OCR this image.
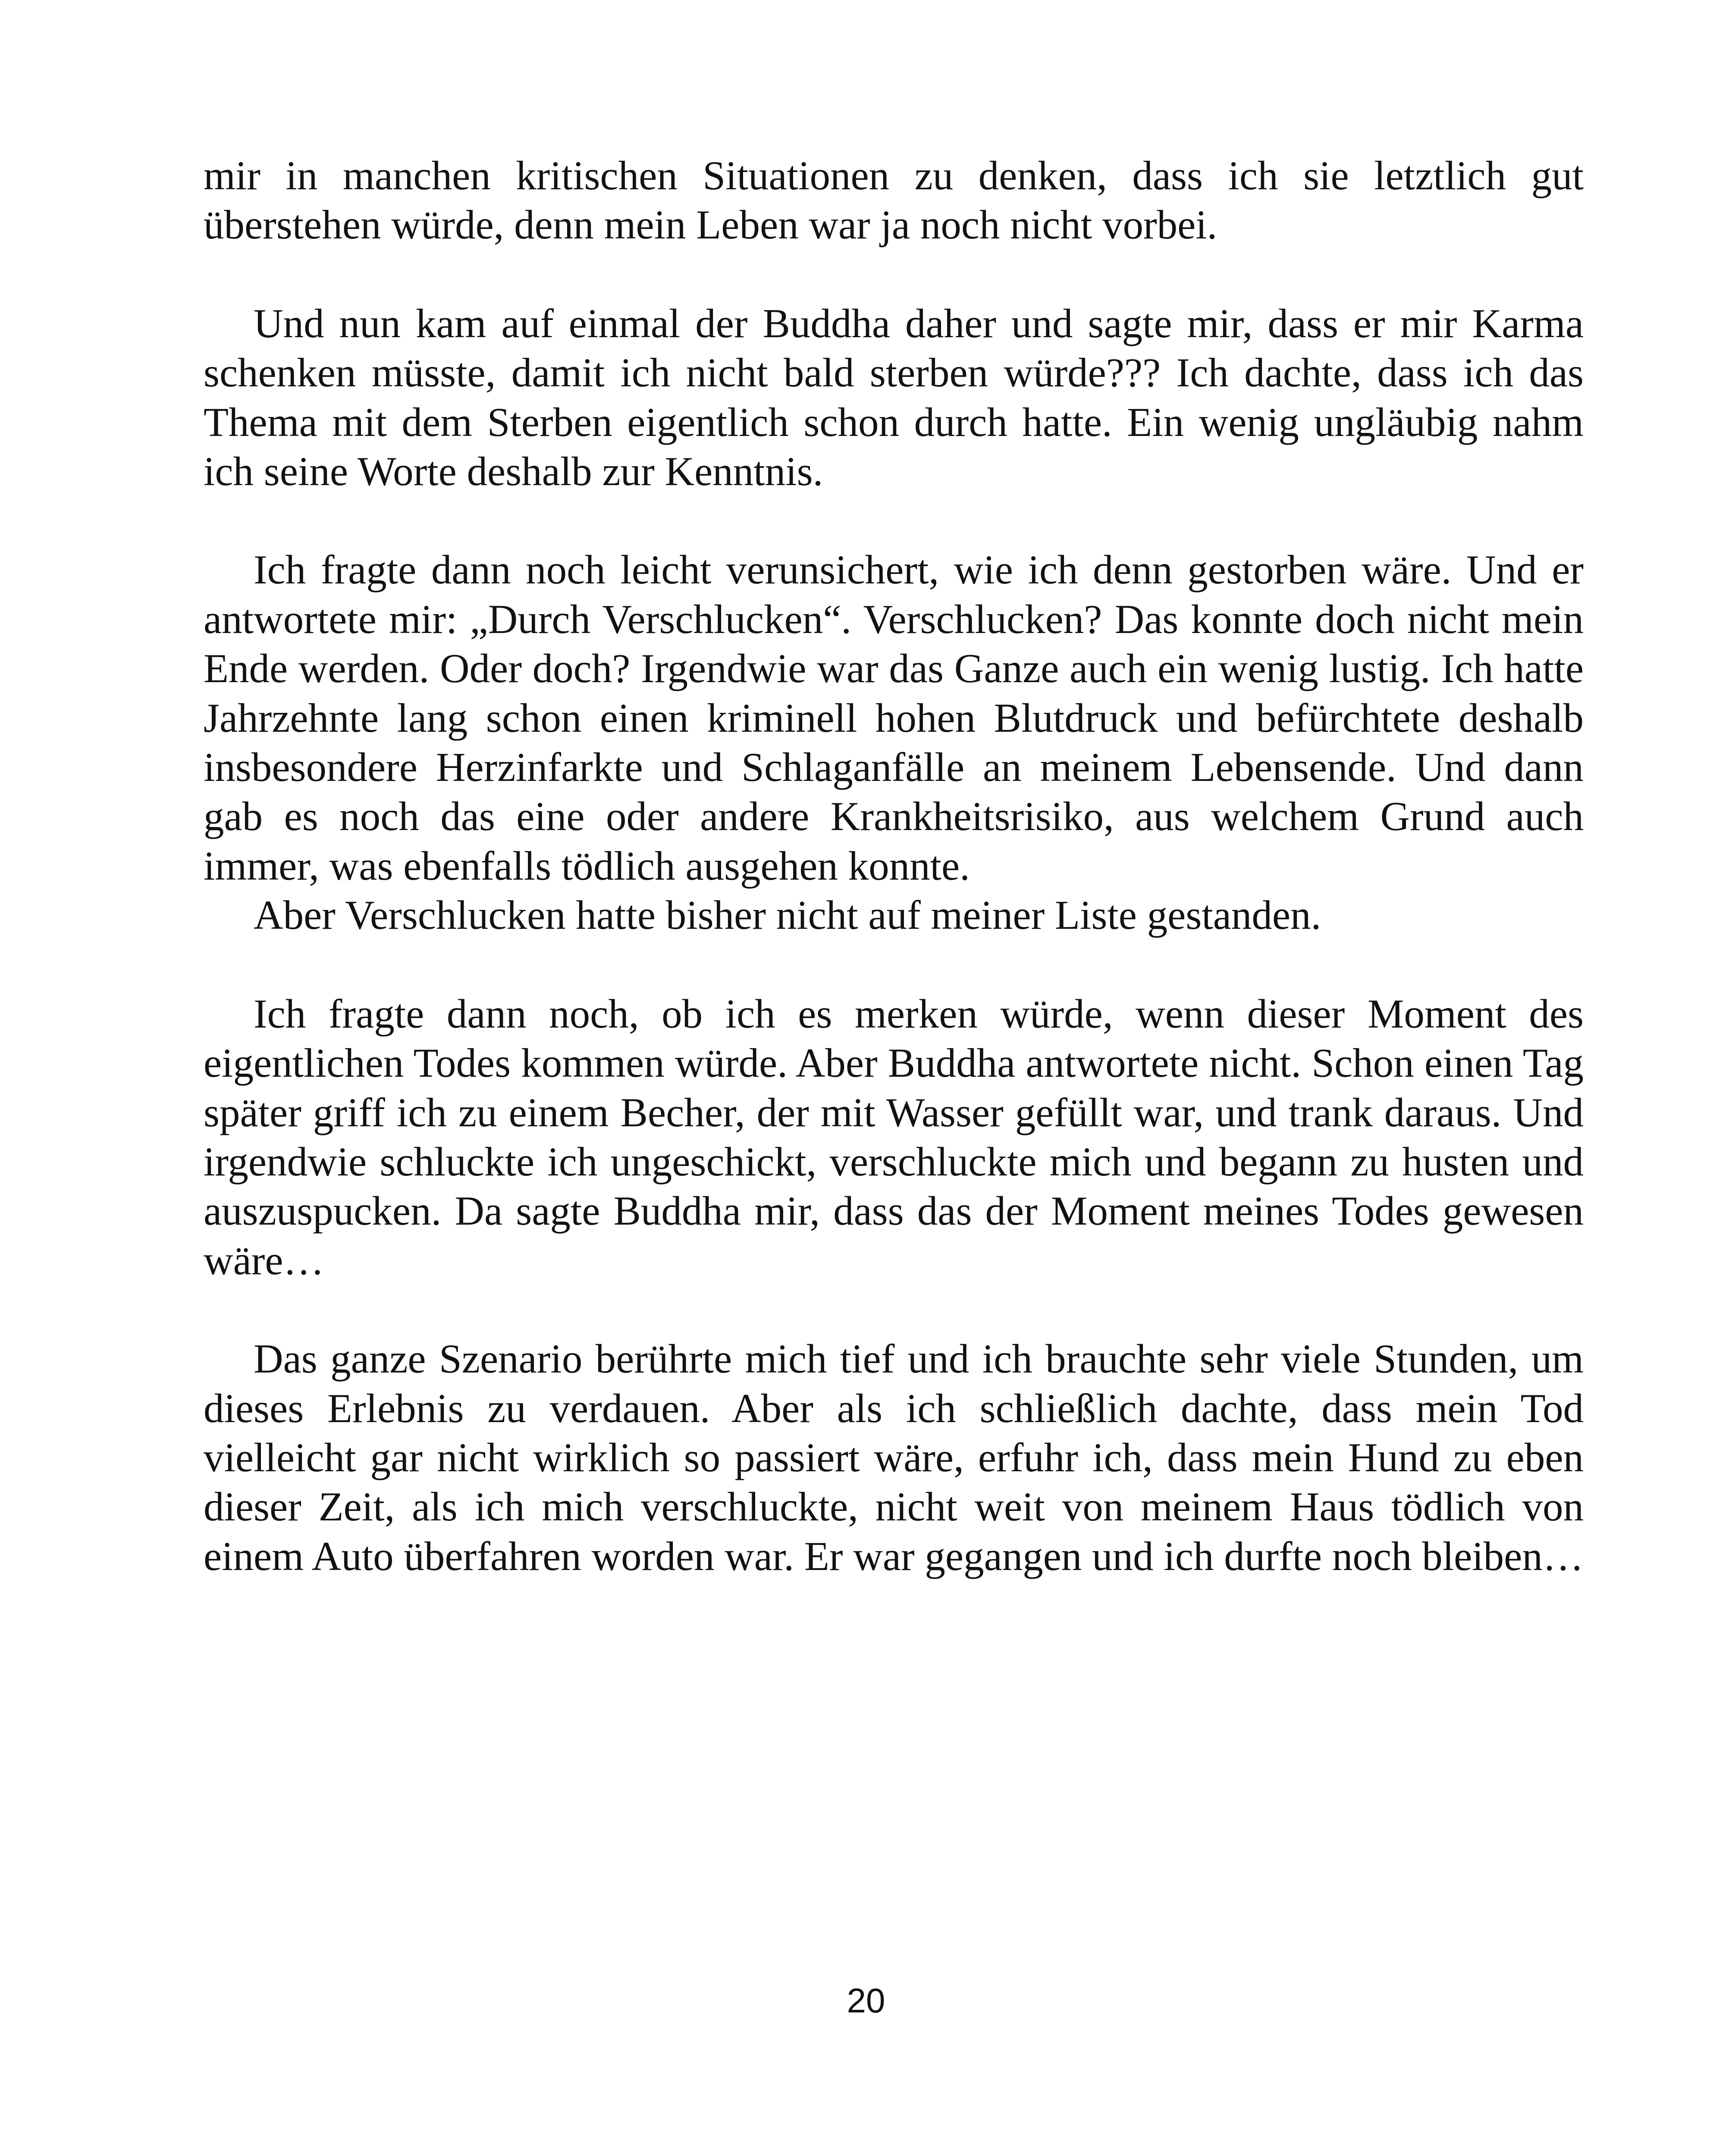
mir in manchen kritischen Situationen zu denken, dass ich sie letztlich gut überstehen würde, denn mein Leben war ja noch nicht vorbei.

Und nun kam auf einmal der Buddha daher und sagte mir, dass er mir Karma schenken müsste, damit ich nicht bald sterben würde??? Ich dachte, dass ich das Thema mit dem Sterben eigentlich schon durch hatte. Ein wenig ungläubig nahm ich seine Worte deshalb zur Kenntnis.

Ich fragte dann noch leicht verunsichert, wie ich denn gestorben wäre. Und er antwortete mir: „Durch Verschlucken“. Verschlucken? Das konnte doch nicht mein Ende werden. Oder doch? Irgendwie war das Ganze auch ein wenig lustig. Ich hatte Jahrzehnte lang schon einen kriminell hohen Blutdruck und befürchtete deshalb insbesondere Herzinfarkte und Schlaganfälle an meinem Lebensende. Und dann gab es noch das eine oder andere Krankheitsrisiko, aus welchem Grund auch immer, was ebenfalls tödlich ausgehen konnte.

Aber Verschlucken hatte bisher nicht auf meiner Liste gestanden.

Ich fragte dann noch, ob ich es merken würde, wenn dieser Moment des eigentlichen Todes kommen würde. Aber Buddha antwortete nicht. Schon einen Tag später griff ich zu einem Becher, der mit Wasser gefüllt war, und trank daraus. Und irgendwie schluckte ich ungeschickt, verschluckte mich und begann zu husten und auszuspucken. Da sagte Buddha mir, dass das der Moment meines Todes gewesen wäre…

Das ganze Szenario berührte mich tief und ich brauchte sehr viele Stunden, um dieses Erlebnis zu verdauen. Aber als ich schließlich dachte, dass mein Tod vielleicht gar nicht wirklich so passiert wäre, erfuhr ich, dass mein Hund zu eben dieser Zeit, als ich mich verschluckte, nicht weit von meinem Haus tödlich von einem Auto überfahren worden war. Er war gegangen und ich durfte noch bleiben…

20
